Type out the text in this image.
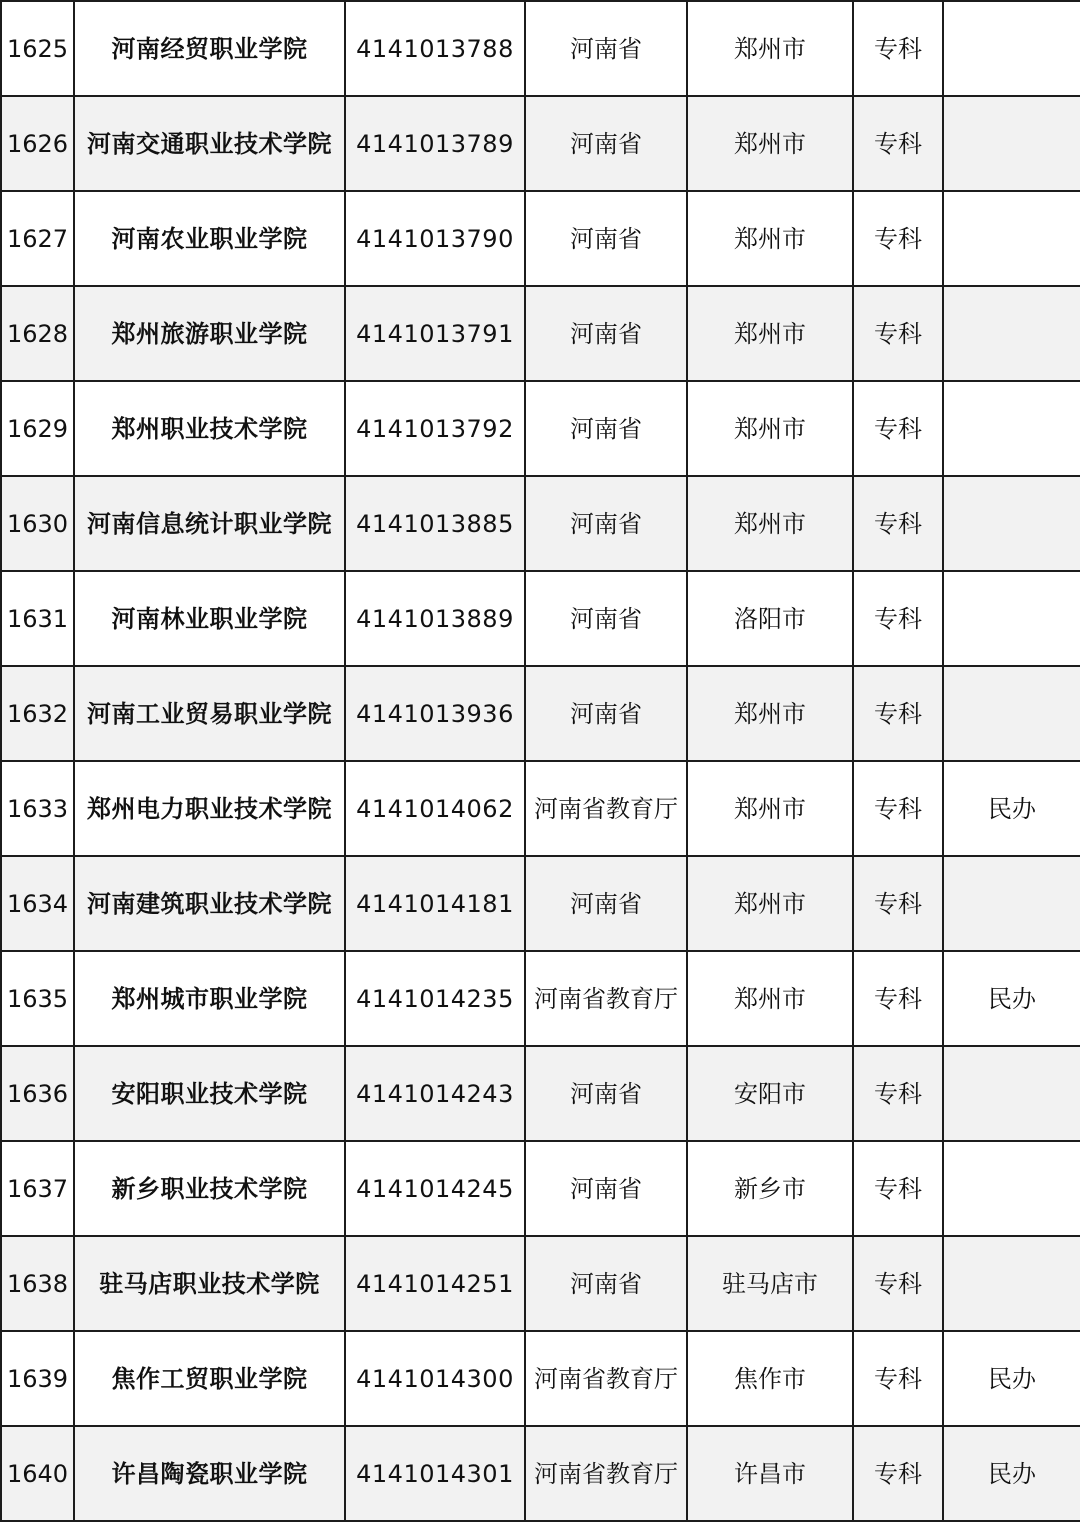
1625	河南经贸职业学院	4141013788	河南省	郑州市	专科	
1626	河南交通职业技术学院	4141013789	河南省	郑州市	专科	
1627	河南农业职业学院	4141013790	河南省	郑州市	专科	
1628	郑州旅游职业学院	4141013791	河南省	郑州市	专科	
1629	郑州职业技术学院	4141013792	河南省	郑州市	专科	
1630	河南信息统计职业学院	4141013885	河南省	郑州市	专科	
1631	河南林业职业学院	4141013889	河南省	洛阳市	专科	
1632	河南工业贸易职业学院	4141013936	河南省	郑州市	专科	
1633	郑州电力职业技术学院	4141014062	河南省教育厅	郑州市	专科	民办
1634	河南建筑职业技术学院	4141014181	河南省	郑州市	专科	
1635	郑州城市职业学院	4141014235	河南省教育厅	郑州市	专科	民办
1636	安阳职业技术学院	4141014243	河南省	安阳市	专科	
1637	新乡职业技术学院	4141014245	河南省	新乡市	专科	
1638	驻马店职业技术学院	4141014251	河南省	驻马店市	专科	
1639	焦作工贸职业学院	4141014300	河南省教育厅	焦作市	专科	民办
1640	许昌陶瓷职业学院	4141014301	河南省教育厅	许昌市	专科	民办
